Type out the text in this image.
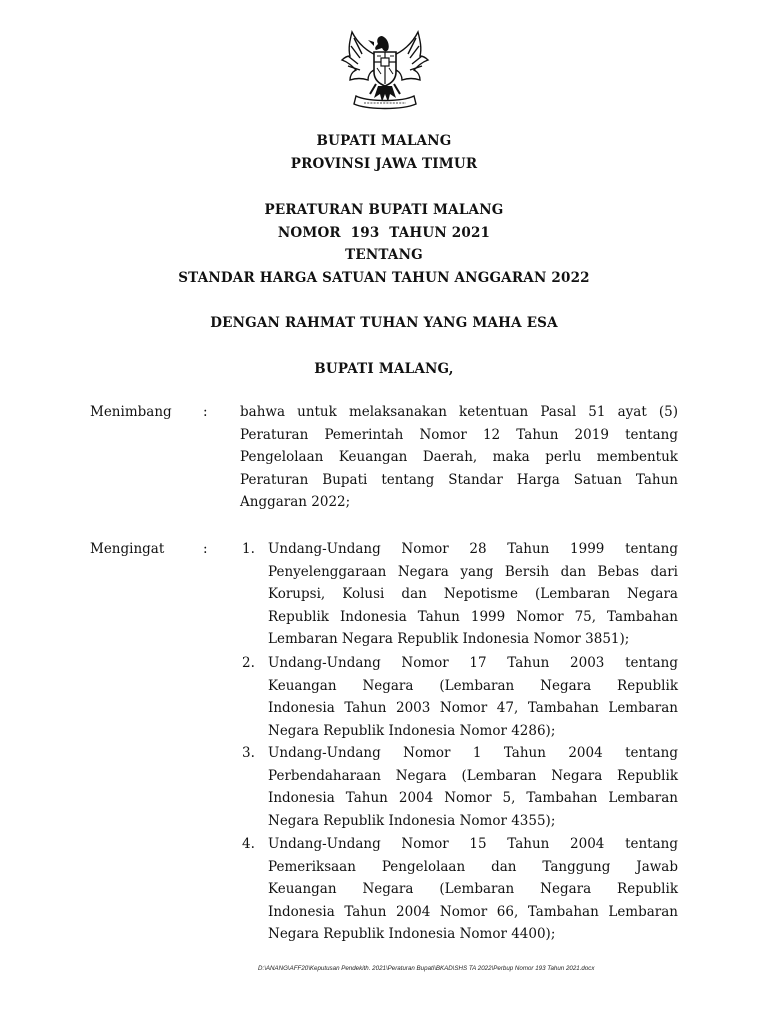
BUPATI MALANG
PROVINSI JAWA TIMUR
PERATURAN BUPATI MALANG
NOMOR  193  TAHUN 2021
TENTANG
STANDAR HARGA SATUAN TAHUN ANGGARAN 2022
DENGAN RAHMAT TUHAN YANG MAHA ESA
BUPATI MALANG,
Menimbang : bahwa untuk melaksanakan ketentuan Pasal 51 ayat (5)
Peraturan Pemerintah Nomor 12 Tahun 2019 tentang
Pengelolaan Keuangan Daerah, maka perlu membentuk
Peraturan Bupati tentang Standar Harga Satuan Tahun
Anggaran 2022;
Mengingat	:	1. Undang-Undang Nomor 28 Tahun 1999 tentang
Penyelenggaraan Negara yang Bersih dan Bebas dari
Korupsi, Kolusi dan Nepotisme (Lembaran Negara
Republik Indonesia Tahun 1999 Nomor 75, Tambahan
Lembaran Negara Republik Indonesia Nomor 3851);
2. Undang-Undang Nomor 17 Tahun 2003 tentang
Keuangan Negara (Lembaran Negara Republik
Indonesia Tahun 2003 Nomor 47, Tambahan Lembaran
Negara Republik Indonesia Nomor 4286);
3. Undang-Undang Nomor 1 Tahun 2004 tentang
Perbendaharaan Negara (Lembaran Negara Republik
Indonesia Tahun 2004 Nomor 5, Tambahan Lembaran
Negara Republik Indonesia Nomor 4355);
4. Undang-Undang Nomor 15 Tahun 2004 tentang
Pemeriksaan Pengelolaan dan Tanggung Jawab
Keuangan Negara (Lembaran Negara Republik
Indonesia Tahun 2004 Nomor 66, Tambahan Lembaran
Negara Republik Indonesia Nomor 4400);
D:\ANANG\AFF20\Keputusan Pendekith. 2021\Peraturan Bupati\BKAD\SHS TA 2022\Perbup Nomor 193 Tahun 2021.docx
